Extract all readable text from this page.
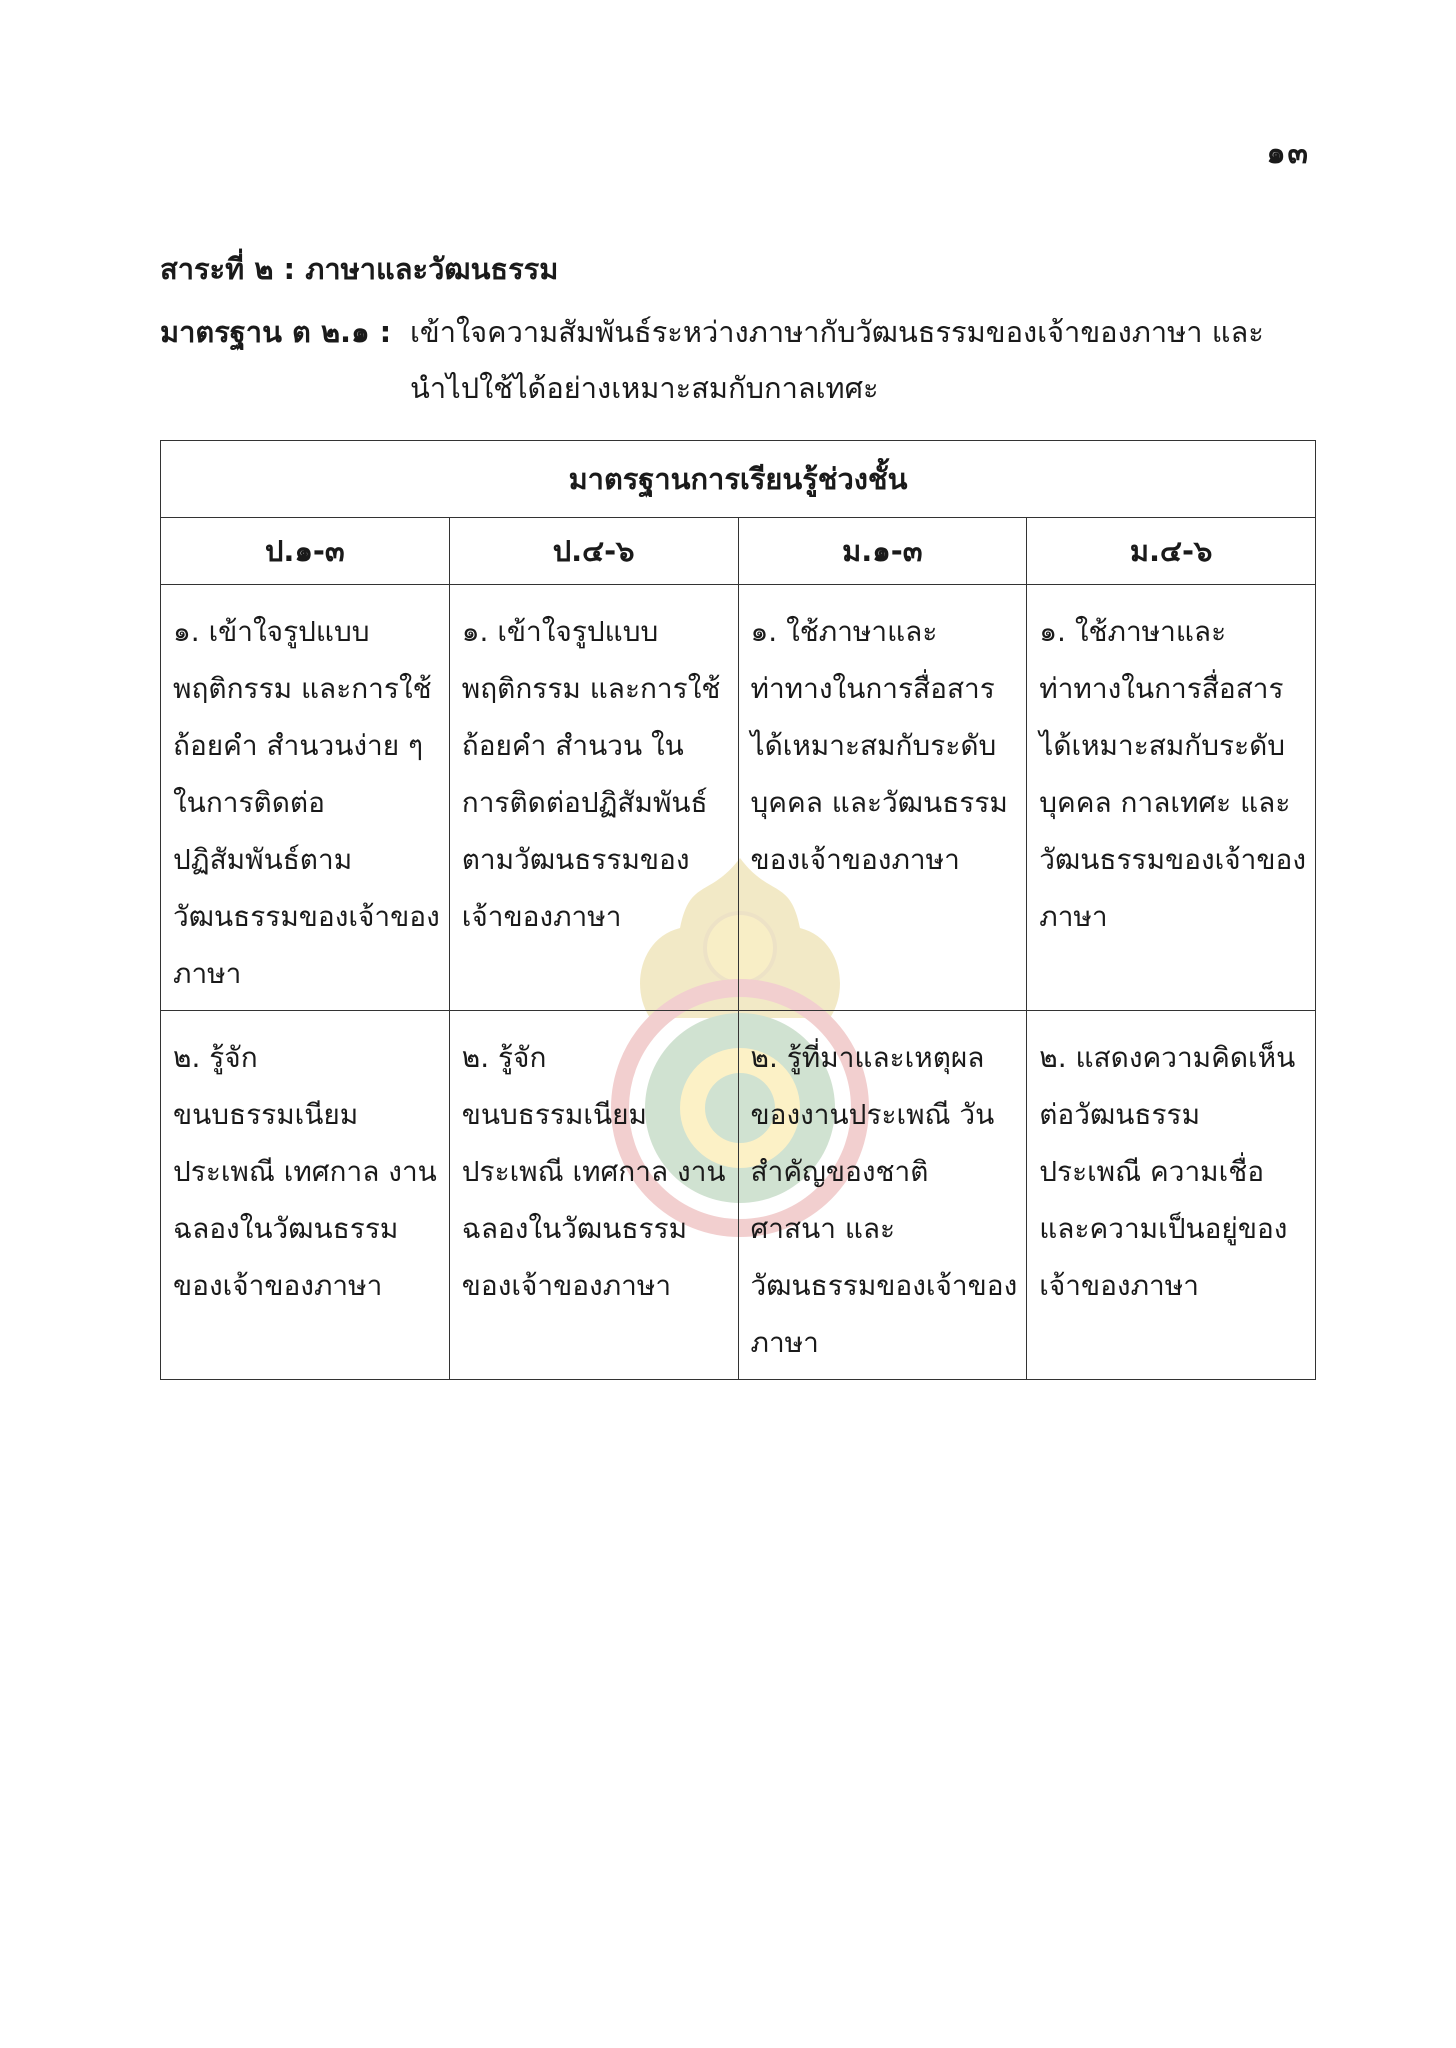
๑๓
สาระที่ ๒ : ภาษาและวัฒนธรรม
มาตรฐาน ต ๒.๑ : เข้าใจความสัมพันธ์ระหว่างภาษากับวัฒนธรรมของเจ้าของภาษา และ
นำไปใช้ได้อย่างเหมาะสมกับกาลเทศะ
มาตรฐานการเรียนรู้ช่วงชั้น			
ป.๑-๓	ป.๔-๖	ม.๑-๓	ม.๔-๖
๑. เข้าใจรูปแบบพฤติกรรม และการใช้ถ้อยคำ สำนวนง่าย ๆ ในการติดต่อปฏิสัมพันธ์ตามวัฒนธรรมของเจ้าของภาษา	๑. เข้าใจรูปแบบพฤติกรรม และการใช้ถ้อยคำ สำนวน ในการติดต่อปฏิสัมพันธ์ตามวัฒนธรรมของเจ้าของภาษา	๑. ใช้ภาษาและท่าทางในการสื่อสารได้เหมาะสมกับระดับบุคคล และวัฒนธรรมของเจ้าของภาษา	๑. ใช้ภาษาและท่าทางในการสื่อสารได้เหมาะสมกับระดับบุคคล กาลเทศะ และวัฒนธรรมของเจ้าของภาษา
๒. รู้จักขนบธรรมเนียมประเพณี เทศกาล งานฉลองในวัฒนธรรมของเจ้าของภาษา	๒. รู้จักขนบธรรมเนียมประเพณี เทศกาล งานฉลองในวัฒนธรรมของเจ้าของภาษา	๒. รู้ที่มาและเหตุผลของงานประเพณี วันสำคัญของชาติ ศาสนา และวัฒนธรรมของเจ้าของภาษา	๒. แสดงความคิดเห็นต่อวัฒนธรรม ประเพณี ความเชื่อ และความเป็นอยู่ของเจ้าของภาษา
